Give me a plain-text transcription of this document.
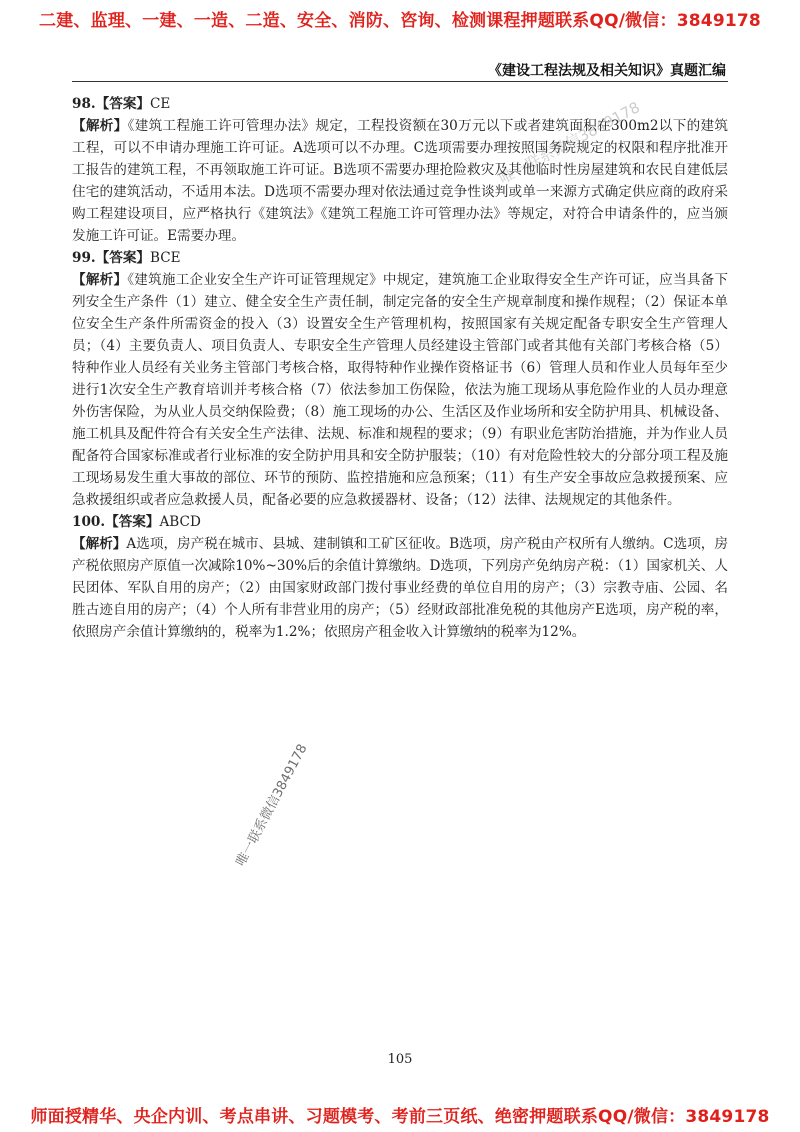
二建、监理、一建、一造、二造、安全、消防、咨询、检测课程押题联系QQ/微信：3849178
《建设工程法规及相关知识》真题汇编

98.【答案】CE

【解析】《建筑工程施工许可管理办法》规定，工程投资额在30万元以下或者建筑面积在300m2以下的建筑工程，可以不申请办理施工许可证。A选项可以不办理。C选项需要办理按照国务院规定的权限和程序批准开工报告的建筑工程，不再领取施工许可证。B选项不需要办理抢险救灾及其他临时性房屋建筑和农民自建低层住宅的建筑活动，不适用本法。D选项不需要办理对依法通过竞争性谈判或单一来源方式确定供应商的政府采购工程建设项目，应严格执行《建筑法》《建筑工程施工许可管理办法》等规定，对符合申请条件的，应当颁发施工许可证。E需要办理。

99.【答案】BCE

【解析】《建筑施工企业安全生产许可证管理规定》中规定，建筑施工企业取得安全生产许可证，应当具备下列安全生产条件（1）建立、健全安全生产责任制，制定完备的安全生产规章制度和操作规程；（2）保证本单位安全生产条件所需资金的投入（3）设置安全生产管理机构，按照国家有关规定配备专职安全生产管理人员；（4）主要负责人、项目负责人、专职安全生产管理人员经建设主管部门或者其他有关部门考核合格（5）特种作业人员经有关业务主管部门考核合格，取得特种作业操作资格证书（6）管理人员和作业人员每年至少进行1次安全生产教育培训并考核合格（7）依法参加工伤保险，依法为施工现场从事危险作业的人员办理意外伤害保险，为从业人员交纳保险费；（8）施工现场的办公、生活区及作业场所和安全防护用具、机械设备、施工机具及配件符合有关安全生产法律、法规、标准和规程的要求；（9）有职业危害防治措施，并为作业人员配备符合国家标准或者行业标准的安全防护用具和安全防护服装；（10）有对危险性较大的分部分项工程及施工现场易发生重大事故的部位、环节的预防、监控措施和应急预案；（11）有生产安全事故应急救援预案、应急救援组织或者应急救援人员，配备必要的应急救援器材、设备；（12）法律、法规规定的其他条件。

100.【答案】ABCD

【解析】A选项，房产税在城市、县城、建制镇和工矿区征收。B选项，房产税由产权所有人缴纳。C选项，房产税依照房产原值一次减除10%~30%后的余值计算缴纳。D选项，下列房产免纳房产税：（1）国家机关、人民团体、军队自用的房产；（2）由国家财政部门拨付事业经费的单位自用的房产；（3）宗教寺庙、公园、名胜古迹自用的房产；（4）个人所有非营业用的房产；（5）经财政部批准免税的其他房产E选项，房产税的率，依照房产余值计算缴纳的，税率为1.2%；依照房产租金收入计算缴纳的税率为12%。

唯一联系微信3849178
唯一联系微信3849178
105
师面授精华、央企内训、考点串讲、习题模考、考前三页纸、绝密押题联系QQ/微信：3849178
